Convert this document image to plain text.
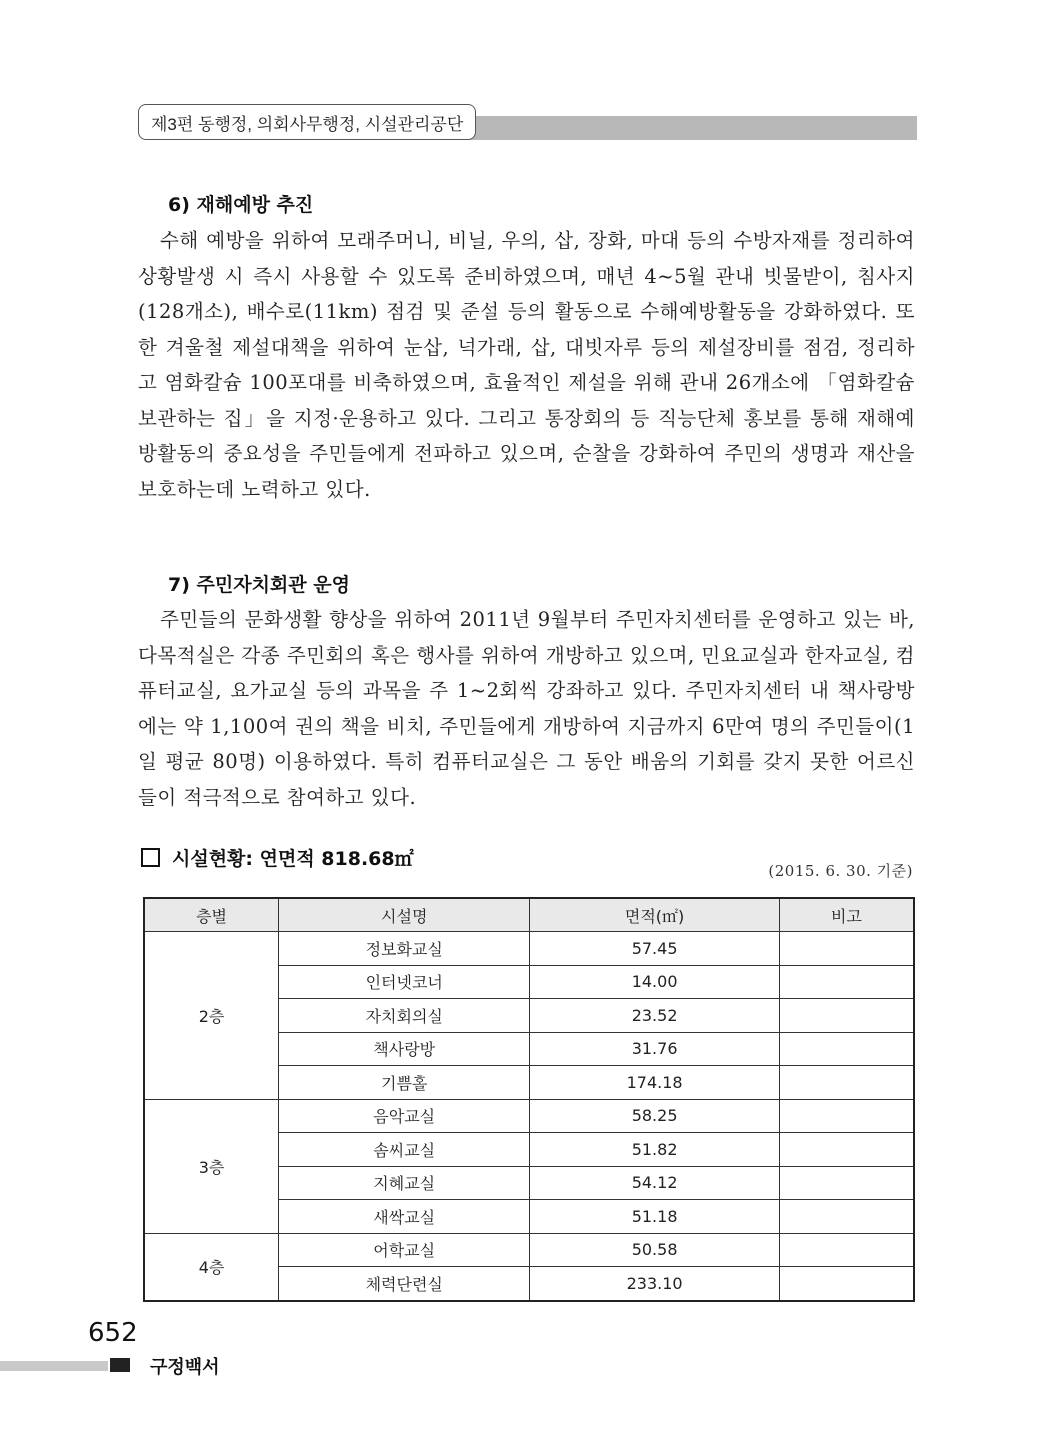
제3편 동행정, 의회사무행정, 시설관리공단
6) 재해예방 추진

수해 예방을 위하여 모래주머니, 비닐, 우의, 삽, 장화, 마대 등의 수방자재를 정리하여 상황발생 시 즉시 사용할 수 있도록 준비하였으며, 매년 4~5월 관내 빗물받이, 침사지(128개소), 배수로(11km) 점검 및 준설 등의 활동으로 수해예방활동을 강화하였다. 또한 겨울철 제설대책을 위하여 눈삽, 넉가래, 삽, 대빗자루 등의 제설장비를 점검, 정리하고 염화칼슘 100포대를 비축하였으며, 효율적인 제설을 위해 관내 26개소에 「염화칼슘 보관하는 집」을 지정·운용하고 있다. 그리고 통장회의 등 직능단체 홍보를 통해 재해예방활동의 중요성을 주민들에게 전파하고 있으며, 순찰을 강화하여 주민의 생명과 재산을 보호하는데 노력하고 있다.

7) 주민자치회관 운영

주민들의 문화생활 향상을 위하여 2011년 9월부터 주민자치센터를 운영하고 있는 바, 다목적실은 각종 주민회의 혹은 행사를 위하여 개방하고 있으며, 민요교실과 한자교실, 컴퓨터교실, 요가교실 등의 과목을 주 1~2회씩 강좌하고 있다. 주민자치센터 내 책사랑방에는 약 1,100여 권의 책을 비치, 주민들에게 개방하여 지금까지 6만여 명의 주민들이(1일 평균 80명) 이용하였다. 특히 컴퓨터교실은 그 동안 배움의 기회를 갖지 못한 어르신들이 적극적으로 참여하고 있다.

시설현황: 연면적 818.68㎡
(2015. 6. 30. 기준)
층별	시설명	면적(㎡)	비고
2층	정보화교실	57.45	
	인터넷코너	14.00	
	자치회의실	23.52	
	책사랑방	31.76	
	기쁨홀	174.18	
3층	음악교실	58.25	
	솜씨교실	51.82	
	지혜교실	54.12	
	새싹교실	51.18	
4층	어학교실	50.58	
	체력단련실	233.10	
652
구정백서
